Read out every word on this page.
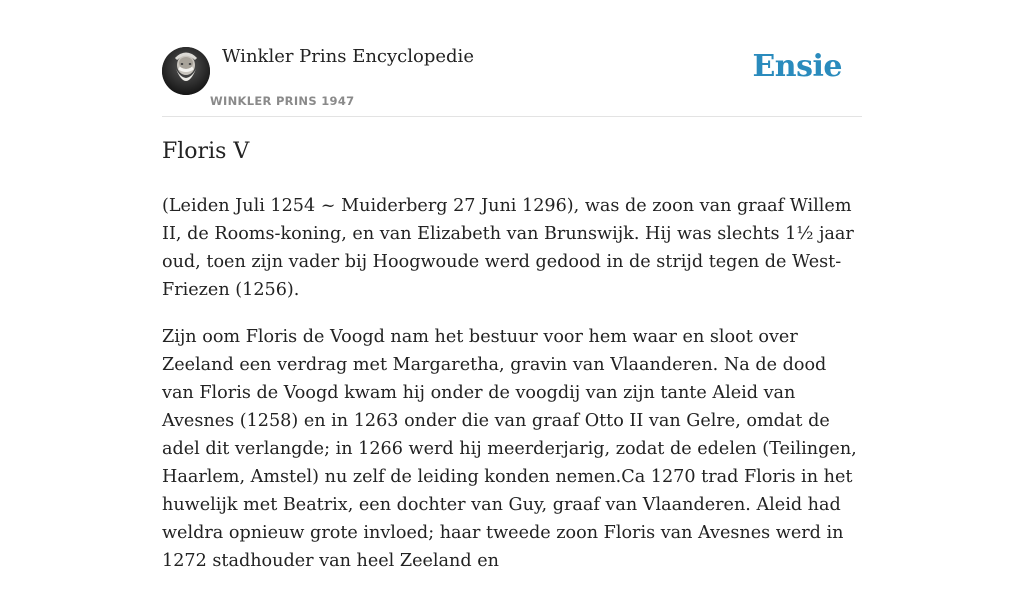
Winkler Prins Encyclopedie
WINKLER PRINS 1947
Ensie
Floris V

(Leiden Juli 1254 ~ Muiderberg 27 Juni 1296), was de zoon van graaf Willem II, de Rooms-koning, en van Elizabeth van Brunswijk. Hij was slechts 1½ jaar oud, toen zijn vader bij Hoogwoude werd gedood in de strijd tegen de West-Friezen (1256).

Zijn oom Floris de Voogd nam het bestuur voor hem waar en sloot over Zeeland een verdrag met Margaretha, gravin van Vlaanderen. Na de dood van Floris de Voogd kwam hij onder de voogdij van zijn tante Aleid van Avesnes (1258) en in 1263 onder die van graaf Otto II van Gelre, omdat de adel dit verlangde; in 1266 werd hij meerderjarig, zodat de edelen (Teilingen, Haarlem, Amstel) nu zelf de leiding konden nemen.Ca 1270 trad Floris in het huwelijk met Beatrix, een dochter van Guy, graaf van Vlaanderen. Aleid had weldra opnieuw grote invloed; haar tweede zoon Floris van Avesnes werd in 1272 stadhouder van heel Zeeland en
